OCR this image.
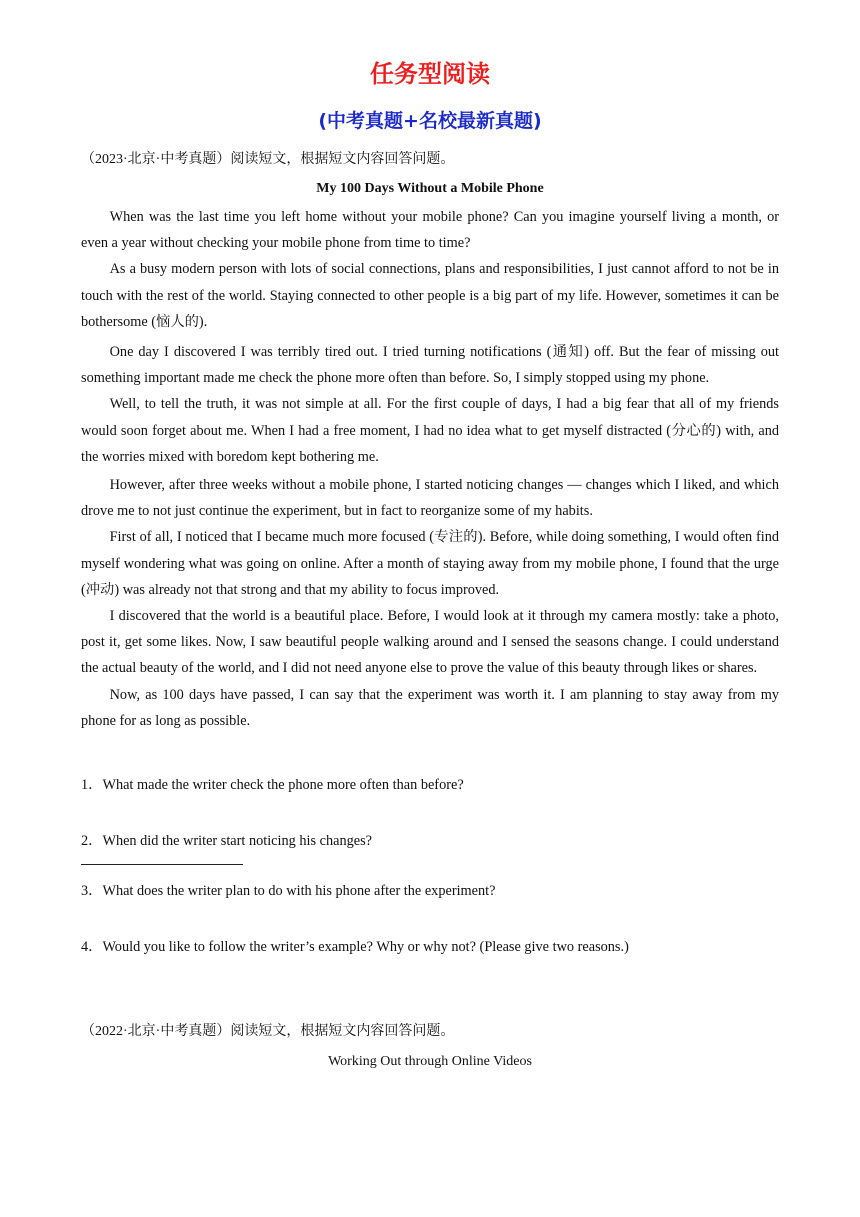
任务型阅读
(中考真题+名校最新真题)
（2023·北京·中考真题）阅读短文，根据短文内容回答问题。
My 100 Days Without a Mobile Phone

When was the last time you left home without your mobile phone? Can you imagine yourself living a month, or even a year without checking your mobile phone from time to time?

As a busy modern person with lots of social connections, plans and responsibilities, I just cannot afford to not be in touch with the rest of the world. Staying connected to other people is a big part of my life. However, sometimes it can be bothersome (恼人的).

One day I discovered I was terribly tired out. I tried turning notifications (通知) off. But the fear of missing out something important made me check the phone more often than before. So, I simply stopped using my phone.

Well, to tell the truth, it was not simple at all. For the first couple of days, I had a big fear that all of my friends would soon forget about me. When I had a free moment, I had no idea what to get myself distracted (分心的) with, and the worries mixed with boredom kept bothering me.

However, after three weeks without a mobile phone, I started noticing changes — changes which I liked, and which drove me to not just continue the experiment, but in fact to reorganize some of my habits.

First of all, I noticed that I became much more focused (专注的). Before, while doing something, I would often find myself wondering what was going on online. After a month of staying away from my mobile phone, I found that the urge (冲动) was already not that strong and that my ability to focus improved.

I discovered that the world is a beautiful place. Before, I would look at it through my camera mostly: take a photo, post it, get some likes. Now, I saw beautiful people walking around and I sensed the seasons change. I could understand the actual beauty of the world, and I did not need anyone else to prove the value of this beauty through likes or shares.

Now, as 100 days have passed, I can say that the experiment was worth it. I am planning to stay away from my phone for as long as possible.

1．What made the writer check the phone more often than before?

2．When did the writer start noticing his changes?

3．What does the writer plan to do with his phone after the experiment?

4．Would you like to follow the writer’s example? Why or why not? (Please give two reasons.)

（2022·北京·中考真题）阅读短文，根据短文内容回答问题。
Working Out through Online Videos
